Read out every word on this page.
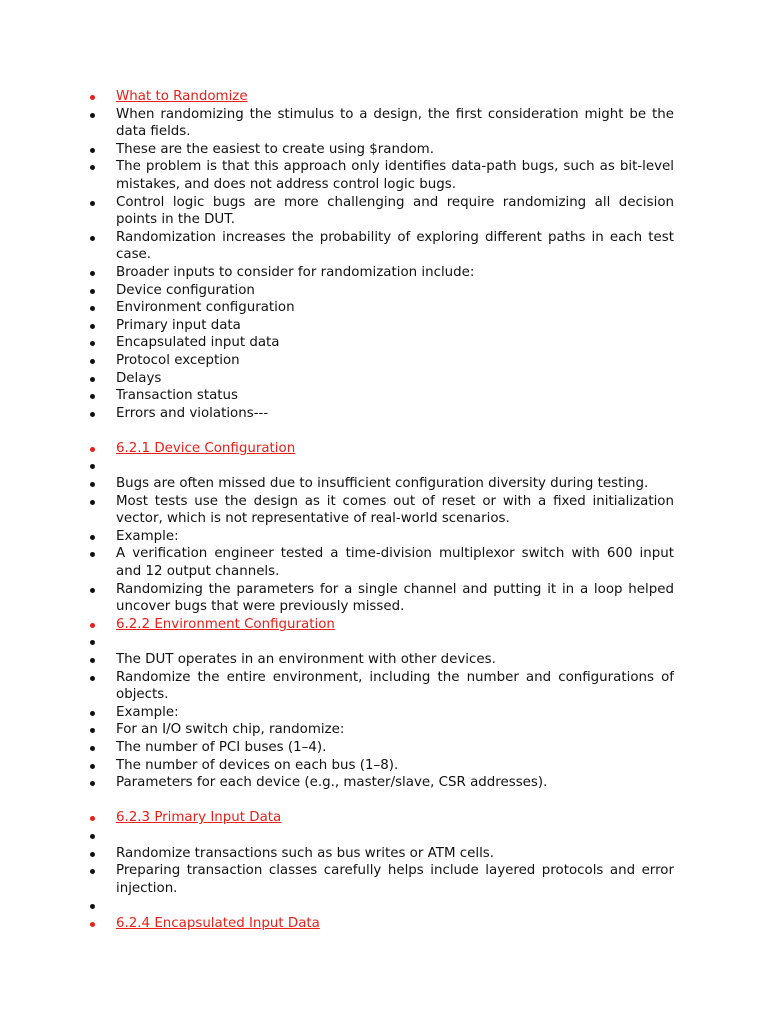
What to Randomize
When randomizing the stimulus to a design, the first consideration might be the data fields.
These are the easiest to create using $random.
The problem is that this approach only identifies data-path bugs, such as bit-level mistakes, and does not address control logic bugs.
Control logic bugs are more challenging and require randomizing all decision points in the DUT.
Randomization increases the probability of exploring different paths in each test case.
Broader inputs to consider for randomization include:
Device configuration
Environment configuration
Primary input data
Encapsulated input data
Protocol exception
Delays
Transaction status
Errors and violations---
6.2.1 Device Configuration
Bugs are often missed due to insufficient configuration diversity during testing.
Most tests use the design as it comes out of reset or with a fixed initialization vector, which is not representative of real-world scenarios.
Example:
A verification engineer tested a time-division multiplexor switch with 600 input and 12 output channels.
Randomizing the parameters for a single channel and putting it in a loop helped uncover bugs that were previously missed.
6.2.2 Environment Configuration
The DUT operates in an environment with other devices.
Randomize the entire environment, including the number and configurations of objects.
Example:
For an I/O switch chip, randomize:
The number of PCI buses (1–4).
The number of devices on each bus (1–8).
Parameters for each device (e.g., master/slave, CSR addresses).
6.2.3 Primary Input Data
Randomize transactions such as bus writes or ATM cells.
Preparing transaction classes carefully helps include layered protocols and error injection.
6.2.4 Encapsulated Input Data
